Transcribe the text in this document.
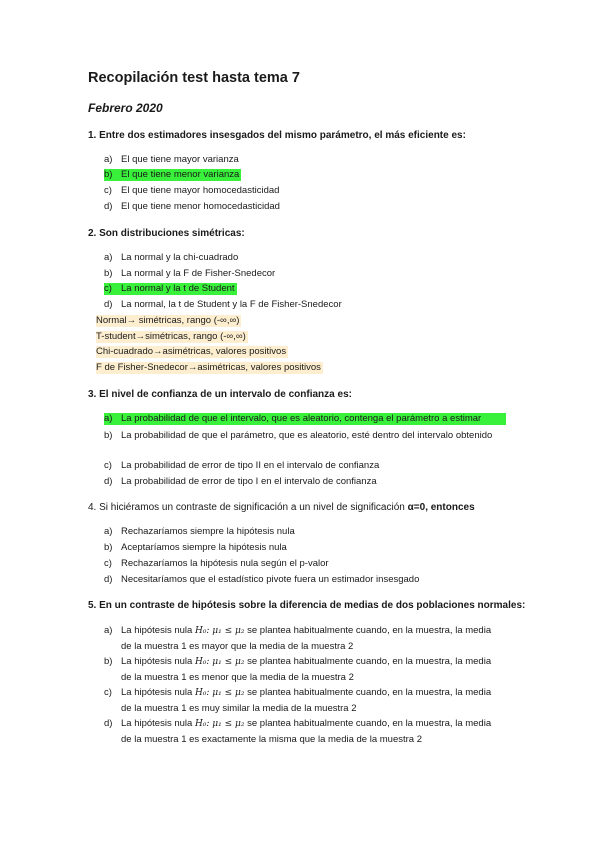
Recopilación test hasta tema 7
Febrero 2020
1. Entre dos estimadores insesgados del mismo parámetro, el más eficiente es:
a) El que tiene mayor varianza
b) El que tiene menor varianza
c) El que tiene mayor homocedasticidad
d) El que tiene menor homocedasticidad
2. Son distribuciones simétricas:
a) La normal y la chi-cuadrado
b) La normal y la F de Fisher-Snedecor
c) La normal y la t de Student
d) La normal, la t de Student y la F de Fisher-Snedecor
Normal→ simétricas, rango (-∞,∞)
T-student→simétricas, rango (-∞,∞)
Chi-cuadrado→asimétricas, valores positivos
F de Fisher-Snedecor→asimétricas, valores positivos
3. El nivel de confianza de un intervalo de confianza es:
a) La probabilidad de que el intervalo, que es aleatorio, contenga el parámetro a estimar
b) La probabilidad de que el parámetro, que es aleatorio, esté dentro del intervalo obtenido
c) La probabilidad de error de tipo II en el intervalo de confianza
d) La probabilidad de error de tipo I en el intervalo de confianza
4. Si hiciéramos un contraste de significación a un nivel de significación α=0, entonces
a) Rechazaríamos siempre la hipótesis nula
b) Aceptaríamos siempre la hipótesis nula
c) Rechazaríamos la hipótesis nula según el p-valor
d) Necesitaríamos que el estadístico pivote fuera un estimador insesgado
5. En un contraste de hipótesis sobre la diferencia de medias de dos poblaciones normales:
a) La hipótesis nula H₀: μ₁ ≤ μ₂ se plantea habitualmente cuando, en la muestra, la media de la muestra 1 es mayor que la media de la muestra 2
b) La hipótesis nula H₀: μ₁ ≤ μ₂ se plantea habitualmente cuando, en la muestra, la media de la muestra 1 es menor que la media de la muestra 2
c) La hipótesis nula H₀: μ₁ ≤ μ₂ se plantea habitualmente cuando, en la muestra, la media de la muestra 1 es muy similar la media de la muestra 2
d) La hipótesis nula H₀: μ₁ ≤ μ₂ se plantea habitualmente cuando, en la muestra, la media de la muestra 1 es exactamente la misma que la media de la muestra 2
